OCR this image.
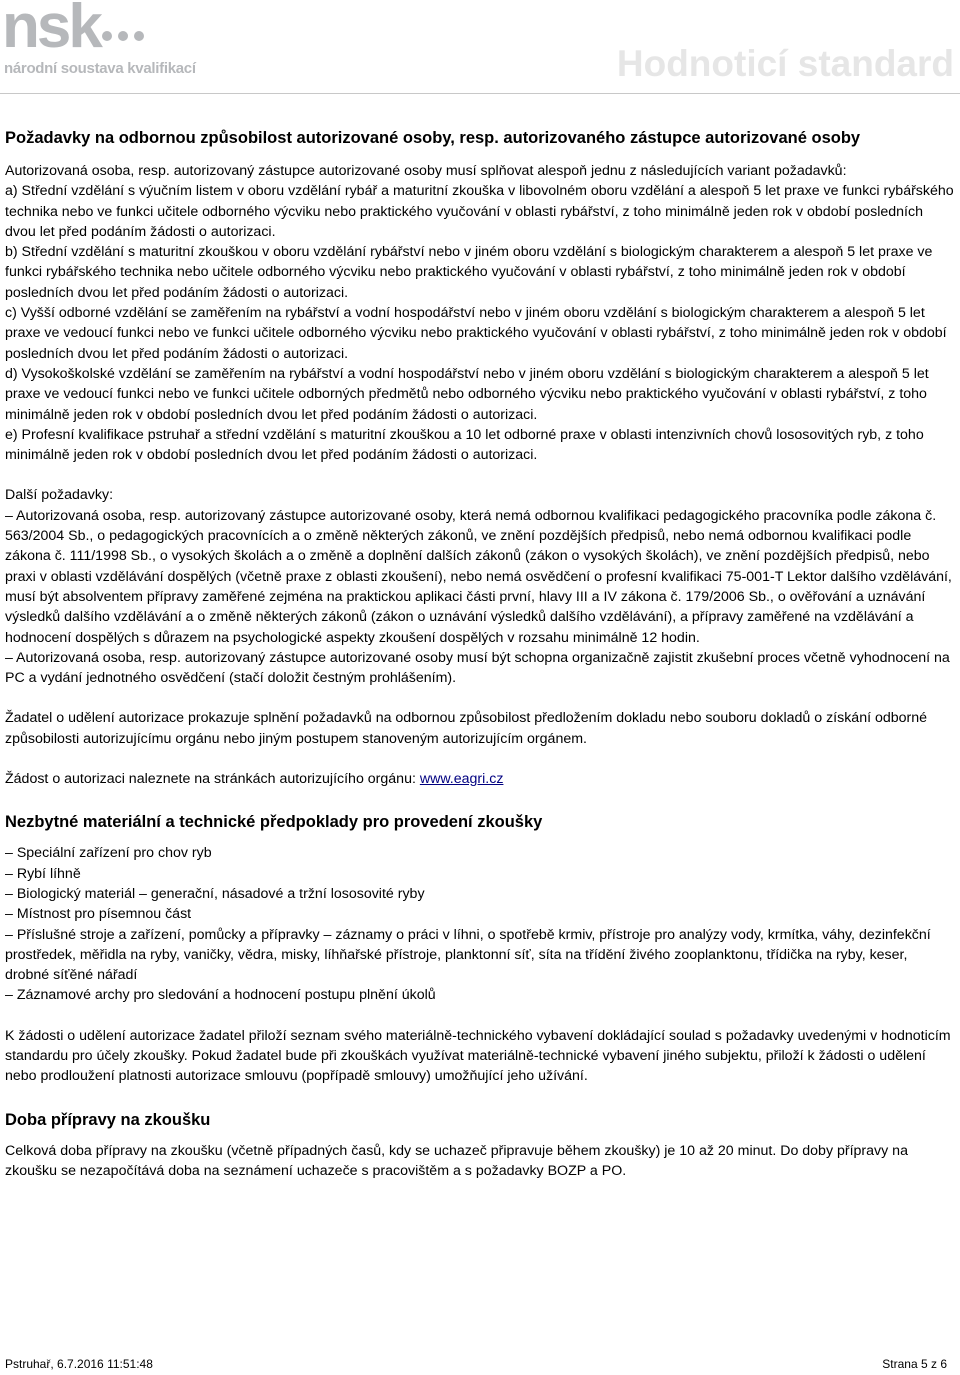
nsk
národní soustava kvalifikací	Hodnoticí standard
Požadavky na odbornou způsobilost autorizované osoby, resp. autorizovaného zástupce autorizované osoby

Autorizovaná osoba, resp. autorizovaný zástupce autorizované osoby musí splňovat alespoň jednu z následujících variant požadavků:

a) Střední vzdělání s výučním listem v oboru vzdělání rybář a maturitní zkouška v libovolném oboru vzdělání a alespoň 5 let praxe ve funkci rybářského technika nebo ve funkci učitele odborného výcviku nebo praktického vyučování v oblasti rybářství, z toho minimálně jeden rok v období posledních dvou let před podáním žádosti o autorizaci.

b) Střední vzdělání s maturitní zkouškou v oboru vzdělání rybářství nebo v jiném oboru vzdělání s biologickým charakterem a alespoň 5 let praxe ve funkci rybářského technika nebo učitele odborného výcviku nebo praktického vyučování v oblasti rybářství, z toho minimálně jeden rok v období posledních dvou let před podáním žádosti o autorizaci.

c) Vyšší odborné vzdělání se zaměřením na rybářství a vodní hospodářství nebo v jiném oboru vzdělání s biologickým charakterem a alespoň 5 let praxe ve vedoucí funkci nebo ve funkci učitele odborného výcviku nebo praktického vyučování v oblasti rybářství, z toho minimálně jeden rok v období posledních dvou let před podáním žádosti o autorizaci.

d) Vysokoškolské vzdělání se zaměřením na rybářství a vodní hospodářství nebo v jiném oboru vzdělání s biologickým charakterem a alespoň 5 let praxe ve vedoucí funkci nebo ve funkci učitele odborných předmětů nebo odborného výcviku nebo praktického vyučování v oblasti rybářství, z toho minimálně jeden rok v období posledních dvou let před podáním žádosti o autorizaci.

e) Profesní kvalifikace pstruhař a střední vzdělání s maturitní zkouškou a 10 let odborné praxe v oblasti intenzivních chovů lososovitých ryb, z toho minimálně jeden rok v období posledních dvou let před podáním žádosti o autorizaci.

Další požadavky:

– Autorizovaná osoba, resp. autorizovaný zástupce autorizované osoby, která nemá odbornou kvalifikaci pedagogického pracovníka podle zákona č. 563/2004 Sb., o pedagogických pracovnících a o změně některých zákonů, ve znění pozdějších předpisů, nebo nemá odbornou kvalifikaci podle zákona č. 111/1998 Sb., o vysokých školách a o změně a doplnění dalších zákonů (zákon o vysokých školách), ve znění pozdějších předpisů, nebo praxi v oblasti vzdělávání dospělých (včetně praxe z oblasti zkoušení), nebo nemá osvědčení o profesní kvalifikaci 75-001-T Lektor dalšího vzdělávání, musí být absolventem přípravy zaměřené zejména na praktickou aplikaci části první, hlavy III a IV zákona č. 179/2006 Sb., o ověřování a uznávání výsledků dalšího vzdělávání a o změně některých zákonů (zákon o uznávání výsledků dalšího vzdělávání), a přípravy zaměřené na vzdělávání a hodnocení dospělých s důrazem na psychologické aspekty zkoušení dospělých v rozsahu minimálně 12 hodin.

– Autorizovaná osoba, resp. autorizovaný zástupce autorizované osoby musí být schopna organizačně zajistit zkušební proces včetně vyhodnocení na PC a vydání jednotného osvědčení (stačí doložit čestným prohlášením).

Žadatel o udělení autorizace prokazuje splnění požadavků na odbornou způsobilost předložením dokladu nebo souboru dokladů o získání odborné způsobilosti autorizujícímu orgánu nebo jiným postupem stanoveným autorizujícím orgánem.

Žádost o autorizaci naleznete na stránkách autorizujícího orgánu: www.eagri.cz

Nezbytné materiální a technické předpoklady pro provedení zkoušky

– Speciální zařízení pro chov ryb

– Rybí líhně

– Biologický materiál – generační, násadové a tržní lososovité ryby

– Místnost pro písemnou část

– Příslušné stroje a zařízení, pomůcky a přípravky – záznamy o práci v líhni, o spotřebě krmiv, přístroje pro analýzy vody, krmítka, váhy, dezinfekční prostředek, měřidla na ryby, vaničky, vědra, misky, líhňařské přístroje, planktonní síť, síta na třídění živého zooplanktonu, třídička na ryby, keser, drobné síťěné nářadí

– Záznamové archy pro sledování a hodnocení postupu plnění úkolů

K žádosti o udělení autorizace žadatel přiloží seznam svého materiálně-technického vybavení dokládající soulad s požadavky uvedenými v hodnoticím standardu pro účely zkoušky. Pokud žadatel bude při zkouškách využívat materiálně-technické vybavení jiného subjektu, přiloží k žádosti o udělení nebo prodloužení platnosti autorizace smlouvu (popřípadě smlouvy) umožňující jeho užívání.

Doba přípravy na zkoušku

Celková doba přípravy na zkoušku (včetně případných časů, kdy se uchazeč připravuje během zkoušky) je 10 až 20 minut. Do doby přípravy na zkoušku se nezapočítává doba na seznámení uchazeče s pracovištěm a s požadavky BOZP a PO.

Pstruhař, 6.7.2016 11:51:48	Strana 5 z 6
